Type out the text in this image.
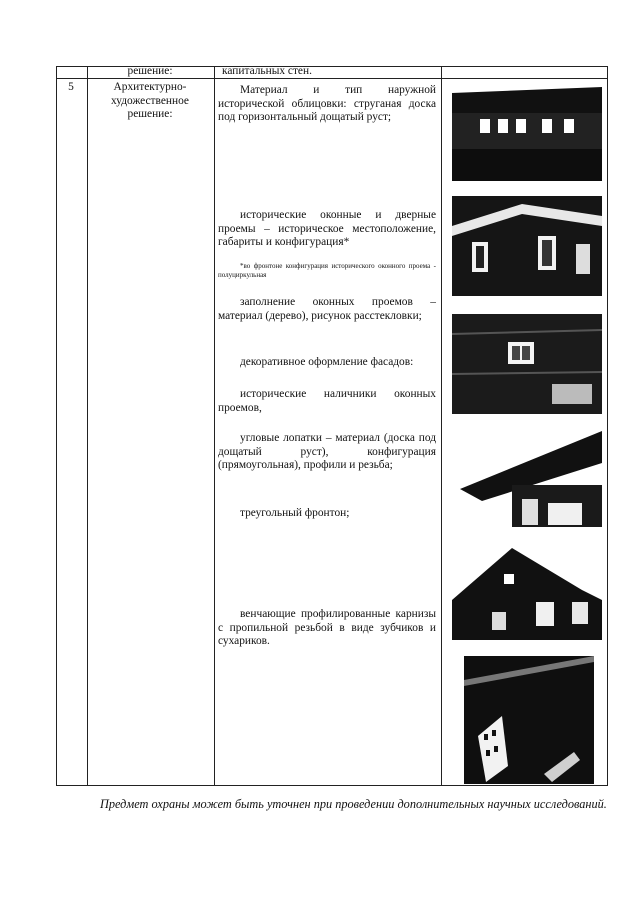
решение:	капитальных стен.
5	Архитектурно-художественное решение:
Материал и тип наружной исторической облицовки: струганая доска под горизонтальный дощатый руст;
исторические оконные и дверные проемы – историческое местоположение, габариты и конфигурация*
*во фронтоне конфигурация исторического оконного проема - полуциркульная
заполнение оконных проемов – материал (дерево), рисунок расстекловки;
декоративное оформление фасадов:
исторические наличники оконных проемов,
угловые лопатки – материал (доска под дощатый руст), конфигурация (прямоугольная), профили и резьба;
треугольный фронтон;
венчающие профилированные карнизы с пропильной резьбой в виде зубчиков и сухариков.
Предмет охраны может быть уточнен при проведении дополнительных научных исследований.
